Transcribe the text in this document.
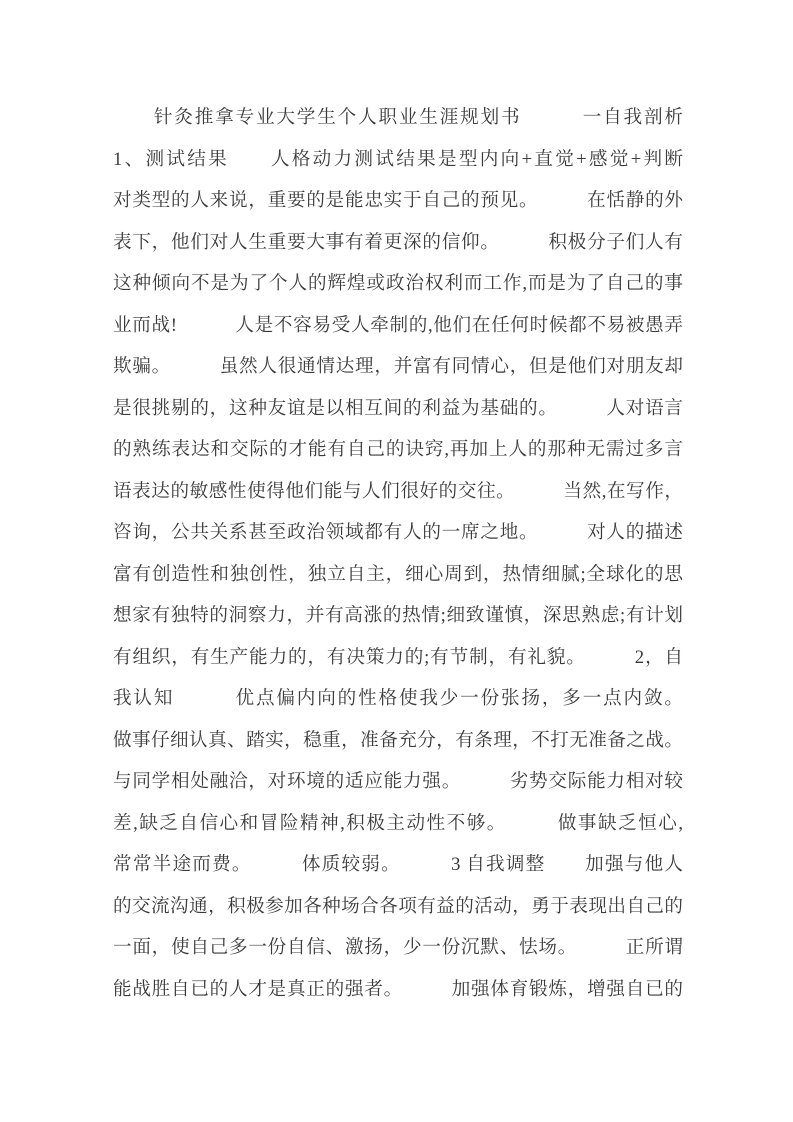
　　针灸推拿专业大学生个人职业生涯规划书　　　一自我剖析
1、测试结果　　人格动力测试结果是型内向+直觉+感觉+判断
对类型的人来说，重要的是能忠实于自己的预见。　　　在恬静的外
表下，他们对人生重要大事有着更深的信仰。　　　积极分子们人有
这种倾向不是为了个人的辉煌或政治权利而工作,而是为了自己的事
业而战!　　　人是不容易受人牵制的,他们在任何时候都不易被愚弄
欺骗。　　　虽然人很通情达理，并富有同情心，但是他们对朋友却
是很挑剔的，这种友谊是以相互间的利益为基础的。　　　人对语言
的熟练表达和交际的才能有自己的诀窍,再加上人的那种无需过多言
语表达的敏感性使得他们能与人们很好的交往。　　　当然,在写作，
咨询，公共关系甚至政治领域都有人的一席之地。　　　对人的描述
富有创造性和独创性，独立自主，细心周到，热情细腻;全球化的思
想家有独特的洞察力，并有高涨的热情;细致谨慎，深思熟虑;有计划
有组织，有生产能力的，有决策力的;有节制，有礼貌。　　　2，自
我认知　　　优点偏内向的性格使我少一份张扬，多一点内敛。
做事仔细认真、踏实，稳重，准备充分，有条理，不打无准备之战。
与同学相处融洽，对环境的适应能力强。　　　劣势交际能力相对较
差,缺乏自信心和冒险精神,积极主动性不够。　　　做事缺乏恒心,
常常半途而费。　　　体质较弱。　　　3 自我调整　　加强与他人
的交流沟通，积极参加各种场合各项有益的活动，勇于表现出自己的
一面，使自己多一份自信、激扬，少一份沉默、怯场。　　　正所谓
能战胜自已的人才是真正的强者。　　　加强体育锻炼，增强自已的
